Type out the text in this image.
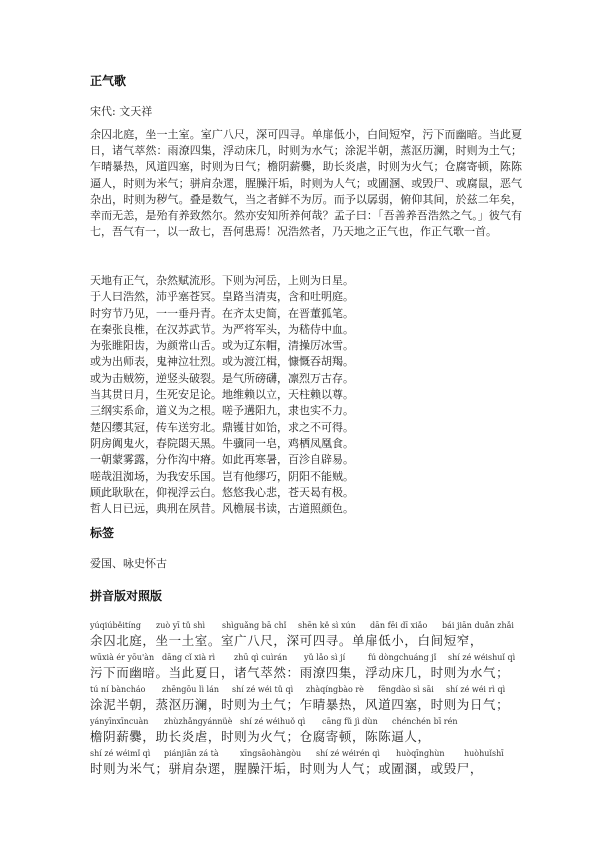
正气歌
宋代: 文天祥
余囚北庭，坐一土室。室广八尺，深可四寻。单扉低小，白间短窄，污下而幽暗。当此夏日，诸气萃然：雨潦四集，浮动床几，时则为水气；涂泥半朝，蒸沤历澜，时则为土气；乍晴暴热，风道四塞，时则为日气；檐阴薪爨，助长炎虐，时则为火气；仓腐寄顿，陈陈逼人，时则为米气；骈肩杂遝，腥臊汗垢，时则为人气；或圊溷、或毁尸、或腐鼠，恶气杂出，时则为秽气。叠是数气，当之者鲜不为厉。而予以孱弱，俯仰其间，於兹二年矣，幸而无恙，是殆有养致然尔。然亦安知所养何哉？孟子曰：「吾善养吾浩然之气。」彼气有七，吾气有一，以一敌七，吾何患焉！况浩然者，乃天地之正气也，作正气歌一首。
天地有正气，杂然赋流形。下则为河岳，上则为日星。
于人曰浩然，沛乎塞苍冥。皇路当清夷，含和吐明庭。
时穷节乃见，一一垂丹青。在齐太史简，在晋董狐笔。
在秦张良椎，在汉苏武节。为严将军头，为嵇侍中血。
为张睢阳齿，为颜常山舌。或为辽东帽，清操厉冰雪。
或为出师表，鬼神泣壮烈。或为渡江楫，慷慨吞胡羯。
或为击贼笏，逆竖头破裂。是气所磅礴，凛烈万古存。
当其贯日月，生死安足论。地维赖以立，天柱赖以尊。
三纲实系命，道义为之根。嗟予遘阳九，隶也实不力。
楚囚缨其冠，传车送穷北。鼎镬甘如饴，求之不可得。
阴房阗鬼火，春院閟天黑。牛骥同一皂，鸡栖凤凰食。
一朝蒙雾露，分作沟中瘠。如此再寒暑，百沴自辟易。
嗟哉沮洳场，为我安乐国。岂有他缪巧，阴阳不能贼。
顾此耿耿在，仰视浮云白。悠悠我心悲，苍天曷有极。
哲人日已远，典刑在夙昔。风檐展书读，古道照颜色。
标签
爱国、咏史怀古
拼音版对照版
yúqiúběitíng zuò yī tǔ shì shìguǎng bā chǐ shēn kě sì xún dān fēi dī xiǎo bái jiān duǎn zhǎi
余囚北庭，坐一土室。室广八尺，深可四寻。单扉低小，白间短窄，
wūxià ér yōu'àn dāng cǐ xià rì zhū qì cuìrán yǔ lǎo sì jí	fú dòngchuáng jǐ shí zé wéishuǐ qì
污下而幽暗。当此夏日，诸气萃然：雨潦四集，浮动床几，时则为水气；
tú ní bàncháo zhēngōu lì lán shí zé wéi tǔ qì zhàqíngbào rè fēngdào sì sāi shí zé wéi rì qì
涂泥半朝，蒸沤历澜，时则为土气；乍晴暴热，风道四塞，时则为日气；
yányīnxīncuàn zhùzhǎngyánnüè shí zé wéihuǒ qì cāng fǔ jì dùn chénchén bī rén
檐阴薪爨，助长炎虐，时则为火气；仓腐寄顿，陈陈逼人，
shí zé wéimǐ qì piánjiān zá tà	xīngsāohàngòu shí zé wéirén qì huòqīnghùn huòhuǐshī
时则为米气；骈肩杂遝，腥臊汗垢，时则为人气；或圊溷，或毁尸，
